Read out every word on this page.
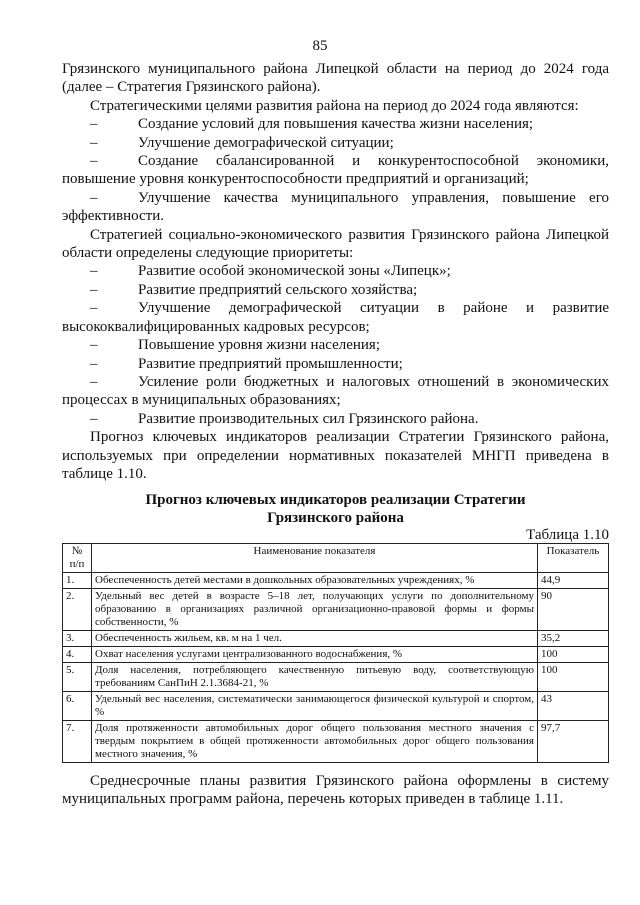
85

Грязинского муниципального района Липецкой области на период до 2024 года (далее – Стратегия Грязинского района).

Стратегическими целями развития района на период до 2024 года являются:

–	Создание условий для повышения качества жизни населения;

–	Улучшение демографической ситуации;

–	Создание сбалансированной и конкурентоспособной экономики, повышение уровня конкурентоспособности предприятий и организаций;

–	Улучшение качества муниципального управления, повышение его эффективности.

Стратегией социально-экономического развития Грязинского района Липецкой области определены следующие приоритеты:

–	Развитие особой экономической зоны «Липецк»;

–	Развитие предприятий сельского хозяйства;

–	Улучшение демографической ситуации в районе и развитие высококвалифицированных кадровых ресурсов;

–	Повышение уровня жизни населения;

–	Развитие предприятий промышленности;

–	Усиление роли бюджетных и налоговых отношений в экономических процессах в муниципальных образованиях;

–	Развитие производительных сил Грязинского района.

Прогноз ключевых индикаторов реализации Стратегии Грязинского района, используемых при определении нормативных показателей МНГП приведена в таблице 1.10.

Прогноз ключевых индикаторов реализации Стратегии
Грязинского района
Таблица 1.10
№ п/п	Наименование показателя	Показатель
1.	Обеспеченность детей местами в дошкольных образовательных учреждениях, %	44,9
2.	Удельный вес детей в возрасте 5–18 лет, получающих услуги по дополнительному образованию в организациях различной организационно-правовой формы и формы собственности, %	90
3.	Обеспеченность жильем, кв. м на 1 чел.	35,2
4.	Охват населения услугами централизованного водоснабжения, %	100
5.	Доля населения, потребляющего качественную питьевую воду, соответствующую требованиям СанПиН 2.1.3684-21, %	100
6.	Удельный вес населения, систематически занимающегося физической культурой и спортом, %	43
7.	Доля протяженности автомобильных дорог общего пользования местного значения с твердым покрытием в общей протяженности автомобильных дорог общего пользования местного значения, %	97,7

Среднесрочные планы развития Грязинского района оформлены в систему муниципальных программ района, перечень которых приведен в таблице 1.11.
